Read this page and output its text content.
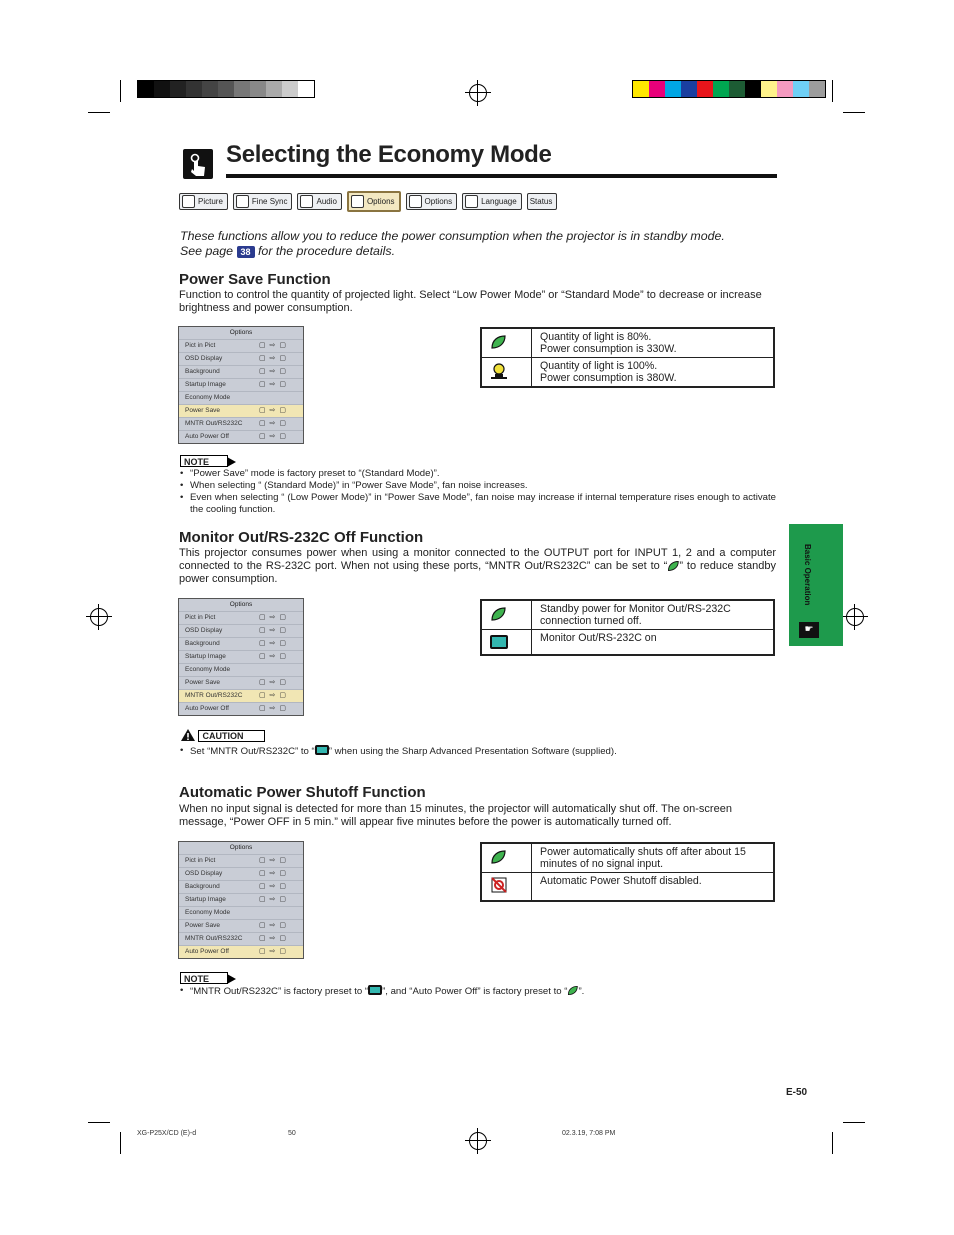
Selecting the Economy Mode
Picture	Fine Sync	Audio	Options	Options	Language Status
These functions allow you to reduce the power consumption when the projector is in standby mode.
See page 38 for the procedure details.
Power Save Function
Function to control the quantity of projected light. Select “Low Power Mode” or “Standard Mode” to decrease or increase brightness and power consumption.
Options
Pict in Pict	▢ ⇨ ▢
OSD Display	▢ ⇨ ▢
Background	▢ ⇨ ▢
Startup Image	▢ ⇨ ▢
Economy Mode
Power Save	▢ ⇨ ▢
MNTR Out/RS232C	▢ ⇨ ▢
Auto Power Off	▢ ⇨ ▢
	Quantity of light is 80%.
Power consumption is 330W.
	Quantity of light is 100%.
Power consumption is 380W.
NOTE
• “Power Save” mode is factory preset to “(Standard Mode)”.
• When selecting “ (Standard Mode)” in “Power Save Mode”, fan noise increases.
• Even when selecting “ (Low Power Mode)” in “Power Save Mode”, fan noise may increase if internal temperature rises enough to activate the cooling function.
Monitor Out/RS-232C Off Function
This projector consumes power when using a monitor connected to the OUTPUT port for INPUT 1, 2 and a computer connected to the RS-232C port. When not using these ports, “MNTR Out/RS232C” can be set to “ ” to reduce standby power consumption.
Options
Pict in Pict	▢ ⇨ ▢
OSD Display	▢ ⇨ ▢
Background	▢ ⇨ ▢
Startup Image	▢ ⇨ ▢
Economy Mode
Power Save	▢ ⇨ ▢
MNTR Out/RS232C	▢ ⇨ ▢
Auto Power Off	▢ ⇨ ▢
	Standby power for Monitor Out/RS-232C
connection turned off.

	Monitor Out/RS-232C on
CAUTION
• Set “MNTR Out/RS232C” to “ ” when using the Sharp Advanced Presentation Software (supplied).
Automatic Power Shutoff Function
When no input signal is detected for more than 15 minutes, the projector will automatically shut off. The on-screen message, “Power OFF in 5 min.” will appear five minutes before the power is automatically turned off.
Options
Pict in Pict	▢ ⇨ ▢
OSD Display	▢ ⇨ ▢
Background	▢ ⇨ ▢
Startup Image	▢ ⇨ ▢
Economy Mode
Power Save	▢ ⇨ ▢
MNTR Out/RS232C	▢ ⇨ ▢
Auto Power Off	▢ ⇨ ▢
	Power automatically shuts off after about 15
minutes of no signal input.
	Automatic Power Shutoff disabled.
NOTE
• “MNTR Out/RS232C” is factory preset to “ ”, and “Auto Power Off” is factory preset to “ ”.
Basic Operation
☛
E-50
XG-P25X/CD (E)-d	50	02.3.19, 7:08 PM
